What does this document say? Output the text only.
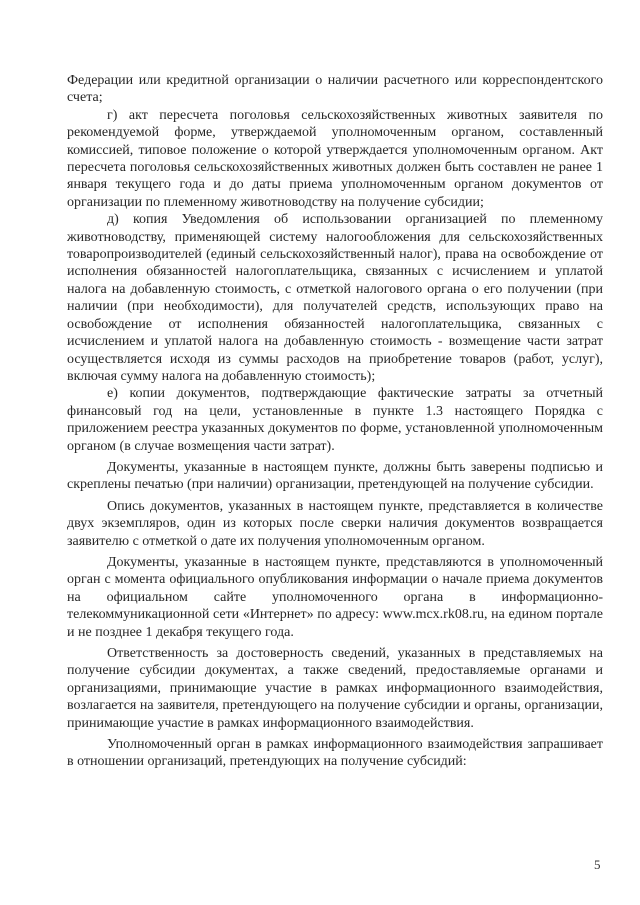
Федерации или кредитной организации о наличии расчетного или корреспондентского счета;

г) акт пересчета поголовья сельскохозяйственных животных заявителя по рекомендуемой форме, утверждаемой уполномоченным органом, составленный комиссией, типовое положение о которой утверждается уполномоченным органом. Акт пересчета поголовья сельскохозяйственных животных должен быть составлен не ранее 1 января текущего года и до даты приема уполномоченным органом документов от организации по племенному животноводству на получение субсидии;

д) копия Уведомления об использовании организацией по племенному животноводству, применяющей систему налогообложения для сельскохозяйственных товаропроизводителей (единый сельскохозяйственный налог), права на освобождение от исполнения обязанностей налогоплательщика, связанных с исчислением и уплатой налога на добавленную стоимость, с отметкой налогового органа о его получении (при наличии (при необходимости), для получателей средств, использующих право на освобождение от исполнения обязанностей налогоплательщика, связанных с исчислением и уплатой налога на добавленную стоимость - возмещение части затрат осуществляется исходя из суммы расходов на приобретение товаров (работ, услуг), включая сумму налога на добавленную стоимость);

е) копии документов, подтверждающие фактические затраты за отчетный финансовый год на цели, установленные в пункте 1.3 настоящего Порядка с приложением реестра указанных документов по форме, установленной уполномоченным органом (в случае возмещения части затрат).

Документы, указанные в настоящем пункте, должны быть заверены подписью и скреплены печатью (при наличии) организации, претендующей на получение субсидии.

Опись документов, указанных в настоящем пункте, представляется в количестве двух экземпляров, один из которых после сверки наличия документов возвращается заявителю с отметкой о дате их получения уполномоченным органом.

Документы, указанные в настоящем пункте, представляются в уполномоченный орган с момента официального опубликования информации о начале приема документов на официальном сайте уполномоченного органа в информационно-телекоммуникационной сети «Интернет» по адресу: www.mcx.rk08.ru, на едином портале и не позднее 1 декабря текущего года.

Ответственность за достоверность сведений, указанных в представляемых на получение субсидии документах, а также сведений, предоставляемые органами и организациями, принимающие участие в рамках информационного взаимодействия, возлагается на заявителя, претендующего на получение субсидии и органы, организации, принимающие участие в рамках информационного взаимодействия.

Уполномоченный орган в рамках информационного взаимодействия запрашивает в отношении организаций, претендующих на получение субсидий:

5
